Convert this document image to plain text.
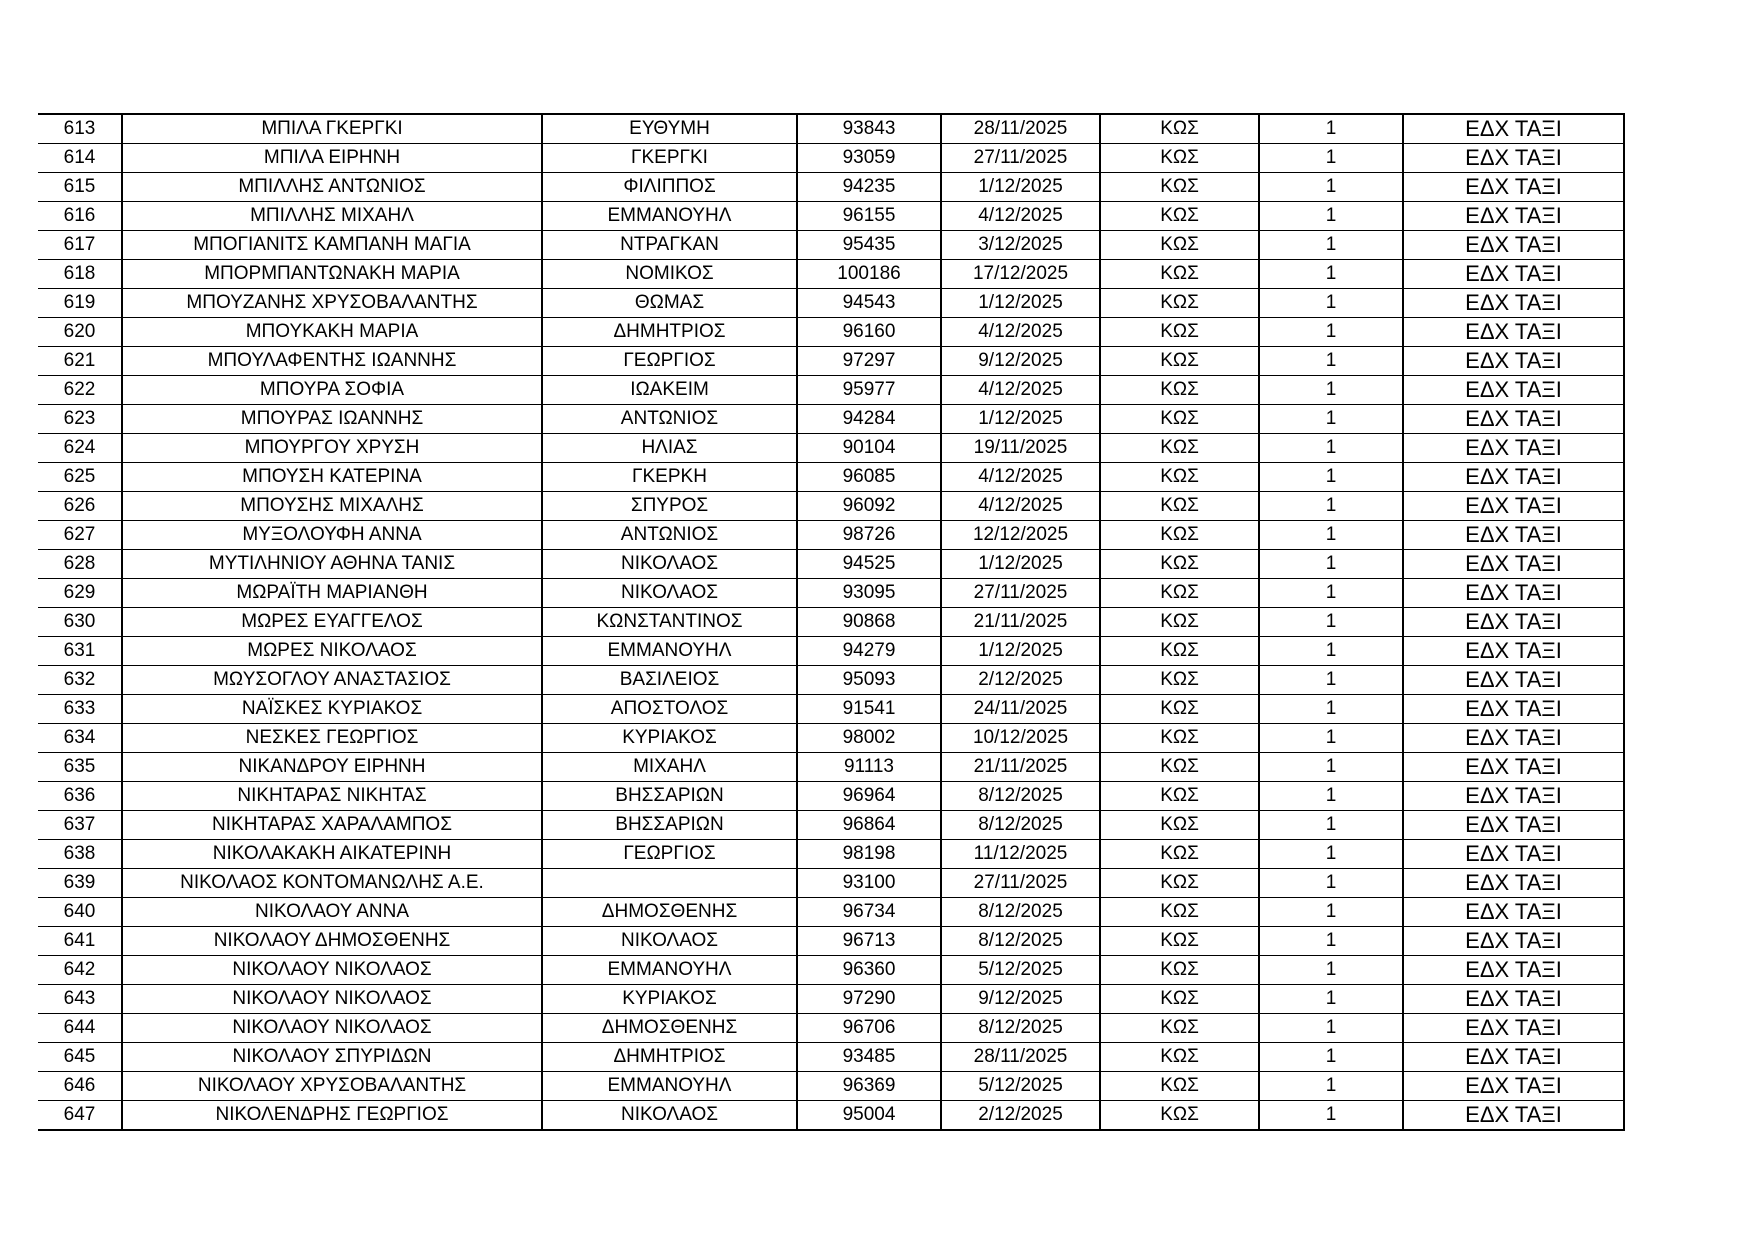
613	ΜΠΙΛΑ ΓΚΕΡΓΚΙ	ΕΥΘΥΜΗ	93843	28/11/2025	ΚΩΣ	1	ΕΔΧ ΤΑΞΙ
614	ΜΠΙΛΑ ΕΙΡΗΝΗ	ΓΚΕΡΓΚΙ	93059	27/11/2025	ΚΩΣ	1	ΕΔΧ ΤΑΞΙ
615	ΜΠΙΛΛΗΣ ΑΝΤΩΝΙΟΣ	ΦΙΛΙΠΠΟΣ	94235	1/12/2025	ΚΩΣ	1	ΕΔΧ ΤΑΞΙ
616	ΜΠΙΛΛΗΣ ΜΙΧΑΗΛ	ΕΜΜΑΝΟΥΗΛ	96155	4/12/2025	ΚΩΣ	1	ΕΔΧ ΤΑΞΙ
617	ΜΠΟΓΙΑΝΙΤΣ ΚΑΜΠΑΝΗ ΜΑΓΙΑ	ΝΤΡΑΓΚΑΝ	95435	3/12/2025	ΚΩΣ	1	ΕΔΧ ΤΑΞΙ
618	ΜΠΟΡΜΠΑΝΤΩΝΑΚΗ ΜΑΡΙΑ	ΝΟΜΙΚΟΣ	100186	17/12/2025	ΚΩΣ	1	ΕΔΧ ΤΑΞΙ
619	ΜΠΟΥΖΑΝΗΣ ΧΡΥΣΟΒΑΛΑΝΤΗΣ	ΘΩΜΑΣ	94543	1/12/2025	ΚΩΣ	1	ΕΔΧ ΤΑΞΙ
620	ΜΠΟΥΚΑΚΗ ΜΑΡΙΑ	ΔΗΜΗΤΡΙΟΣ	96160	4/12/2025	ΚΩΣ	1	ΕΔΧ ΤΑΞΙ
621	ΜΠΟΥΛΑΦΕΝΤΗΣ ΙΩΑΝΝΗΣ	ΓΕΩΡΓΙΟΣ	97297	9/12/2025	ΚΩΣ	1	ΕΔΧ ΤΑΞΙ
622	ΜΠΟΥΡΑ ΣΟΦΙΑ	ΙΩΑΚΕΙΜ	95977	4/12/2025	ΚΩΣ	1	ΕΔΧ ΤΑΞΙ
623	ΜΠΟΥΡΑΣ ΙΩΑΝΝΗΣ	ΑΝΤΩΝΙΟΣ	94284	1/12/2025	ΚΩΣ	1	ΕΔΧ ΤΑΞΙ
624	ΜΠΟΥΡΓΟΥ ΧΡΥΣΗ	ΗΛΙΑΣ	90104	19/11/2025	ΚΩΣ	1	ΕΔΧ ΤΑΞΙ
625	ΜΠΟΥΣΗ ΚΑΤΕΡΙΝΑ	ΓΚΕΡΚΗ	96085	4/12/2025	ΚΩΣ	1	ΕΔΧ ΤΑΞΙ
626	ΜΠΟΥΣΗΣ ΜΙΧΑΛΗΣ	ΣΠΥΡΟΣ	96092	4/12/2025	ΚΩΣ	1	ΕΔΧ ΤΑΞΙ
627	ΜΥΞΟΛΟΥΦΗ ΑΝΝΑ	ΑΝΤΩΝΙΟΣ	98726	12/12/2025	ΚΩΣ	1	ΕΔΧ ΤΑΞΙ
628	ΜΥΤΙΛΗΝΙΟΥ ΑΘΗΝΑ ΤΑΝΙΣ	ΝΙΚΟΛΑΟΣ	94525	1/12/2025	ΚΩΣ	1	ΕΔΧ ΤΑΞΙ
629	ΜΩΡΑΪΤΗ ΜΑΡΙΑΝΘΗ	ΝΙΚΟΛΑΟΣ	93095	27/11/2025	ΚΩΣ	1	ΕΔΧ ΤΑΞΙ
630	ΜΩΡΕΣ ΕΥΑΓΓΕΛΟΣ	ΚΩΝΣΤΑΝΤΙΝΟΣ	90868	21/11/2025	ΚΩΣ	1	ΕΔΧ ΤΑΞΙ
631	ΜΩΡΕΣ ΝΙΚΟΛΑΟΣ	ΕΜΜΑΝΟΥΗΛ	94279	1/12/2025	ΚΩΣ	1	ΕΔΧ ΤΑΞΙ
632	ΜΩΥΣΟΓΛΟΥ ΑΝΑΣΤΑΣΙΟΣ	ΒΑΣΙΛΕΙΟΣ	95093	2/12/2025	ΚΩΣ	1	ΕΔΧ ΤΑΞΙ
633	ΝΑΪΣΚΕΣ ΚΥΡΙΑΚΟΣ	ΑΠΟΣΤΟΛΟΣ	91541	24/11/2025	ΚΩΣ	1	ΕΔΧ ΤΑΞΙ
634	ΝΕΣΚΕΣ ΓΕΩΡΓΙΟΣ	ΚΥΡΙΑΚΟΣ	98002	10/12/2025	ΚΩΣ	1	ΕΔΧ ΤΑΞΙ
635	ΝΙΚΑΝΔΡΟΥ ΕΙΡΗΝΗ	ΜΙΧΑΗΛ	91113	21/11/2025	ΚΩΣ	1	ΕΔΧ ΤΑΞΙ
636	ΝΙΚΗΤΑΡΑΣ ΝΙΚΗΤΑΣ	ΒΗΣΣΑΡΙΩΝ	96964	8/12/2025	ΚΩΣ	1	ΕΔΧ ΤΑΞΙ
637	ΝΙΚΗΤΑΡΑΣ ΧΑΡΑΛΑΜΠΟΣ	ΒΗΣΣΑΡΙΩΝ	96864	8/12/2025	ΚΩΣ	1	ΕΔΧ ΤΑΞΙ
638	ΝΙΚΟΛΑΚΑΚΗ ΑΙΚΑΤΕΡΙΝΗ	ΓΕΩΡΓΙΟΣ	98198	11/12/2025	ΚΩΣ	1	ΕΔΧ ΤΑΞΙ
639	ΝΙΚΟΛΑΟΣ ΚΟΝΤΟΜΑΝΩΛΗΣ Α.Ε.		93100	27/11/2025	ΚΩΣ	1	ΕΔΧ ΤΑΞΙ
640	ΝΙΚΟΛΑΟΥ ΑΝΝΑ	ΔΗΜΟΣΘΕΝΗΣ	96734	8/12/2025	ΚΩΣ	1	ΕΔΧ ΤΑΞΙ
641	ΝΙΚΟΛΑΟΥ ΔΗΜΟΣΘΕΝΗΣ	ΝΙΚΟΛΑΟΣ	96713	8/12/2025	ΚΩΣ	1	ΕΔΧ ΤΑΞΙ
642	ΝΙΚΟΛΑΟΥ ΝΙΚΟΛΑΟΣ	ΕΜΜΑΝΟΥΗΛ	96360	5/12/2025	ΚΩΣ	1	ΕΔΧ ΤΑΞΙ
643	ΝΙΚΟΛΑΟΥ ΝΙΚΟΛΑΟΣ	ΚΥΡΙΑΚΟΣ	97290	9/12/2025	ΚΩΣ	1	ΕΔΧ ΤΑΞΙ
644	ΝΙΚΟΛΑΟΥ ΝΙΚΟΛΑΟΣ	ΔΗΜΟΣΘΕΝΗΣ	96706	8/12/2025	ΚΩΣ	1	ΕΔΧ ΤΑΞΙ
645	ΝΙΚΟΛΑΟΥ ΣΠΥΡΙΔΩΝ	ΔΗΜΗΤΡΙΟΣ	93485	28/11/2025	ΚΩΣ	1	ΕΔΧ ΤΑΞΙ
646	ΝΙΚΟΛΑΟΥ ΧΡΥΣΟΒΑΛΑΝΤΗΣ	ΕΜΜΑΝΟΥΗΛ	96369	5/12/2025	ΚΩΣ	1	ΕΔΧ ΤΑΞΙ
647	ΝΙΚΟΛΕΝΔΡΗΣ ΓΕΩΡΓΙΟΣ	ΝΙΚΟΛΑΟΣ	95004	2/12/2025	ΚΩΣ	1	ΕΔΧ ΤΑΞΙ
